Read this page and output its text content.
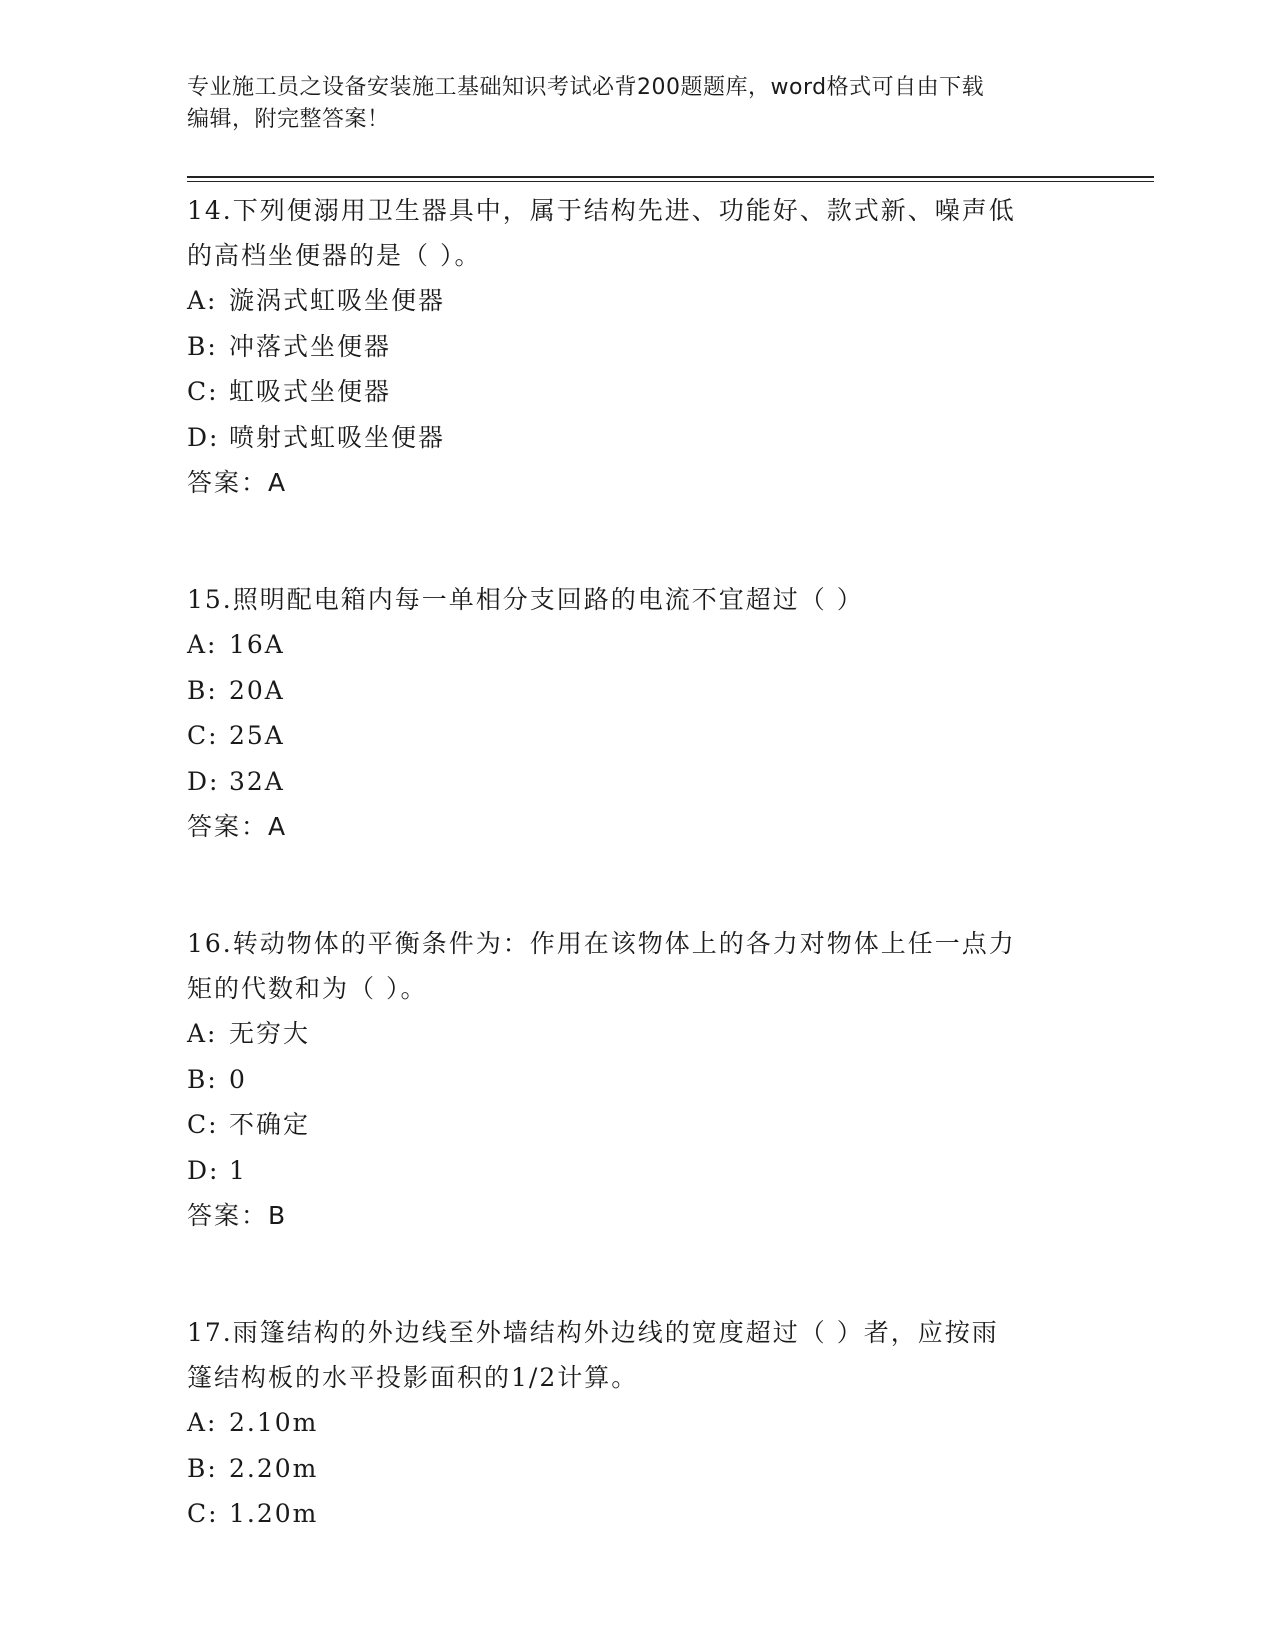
专业施工员之设备安装施工基础知识考试必背200题题库，word格式可自由下载
编辑，附完整答案！
14.下列便溺用卫生器具中，属于结构先进、功能好、款式新、噪声低
的高档坐便器的是（ ）。
A: 漩涡式虹吸坐便器
B: 冲落式坐便器
C: 虹吸式坐便器
D: 喷射式虹吸坐便器
答案：A
15.照明配电箱内每一单相分支回路的电流不宜超过（ ）
A: 16A
B: 20A
C: 25A
D: 32A
答案：A
16.转动物体的平衡条件为：作用在该物体上的各力对物体上任一点力
矩的代数和为（ ）。
A: 无穷大
B: 0
C: 不确定
D: 1
答案：B
17.雨篷结构的外边线至外墙结构外边线的宽度超过（ ）者，应按雨
篷结构板的水平投影面积的1/2计算。
A: 2.10m
B: 2.20m
C: 1.20m
